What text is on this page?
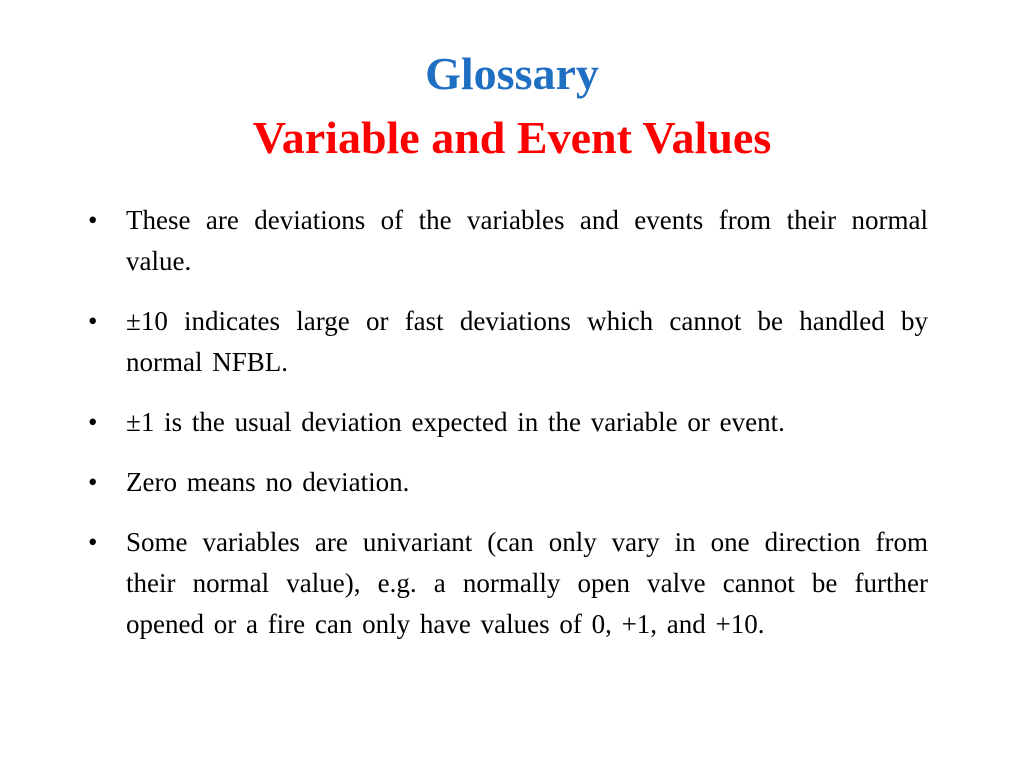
Glossary
Variable and Event Values
•	These are deviations of the variables and events from their normal value.
•	±10 indicates large or fast deviations which cannot be handled by normal NFBL.
•	±1 is the usual deviation expected in the variable or event.
•	Zero means no deviation.
•	Some variables are univariant (can only vary in one direction from their normal value), e.g. a normally open valve cannot be further opened or a fire can only have values of 0, +1, and +10.
